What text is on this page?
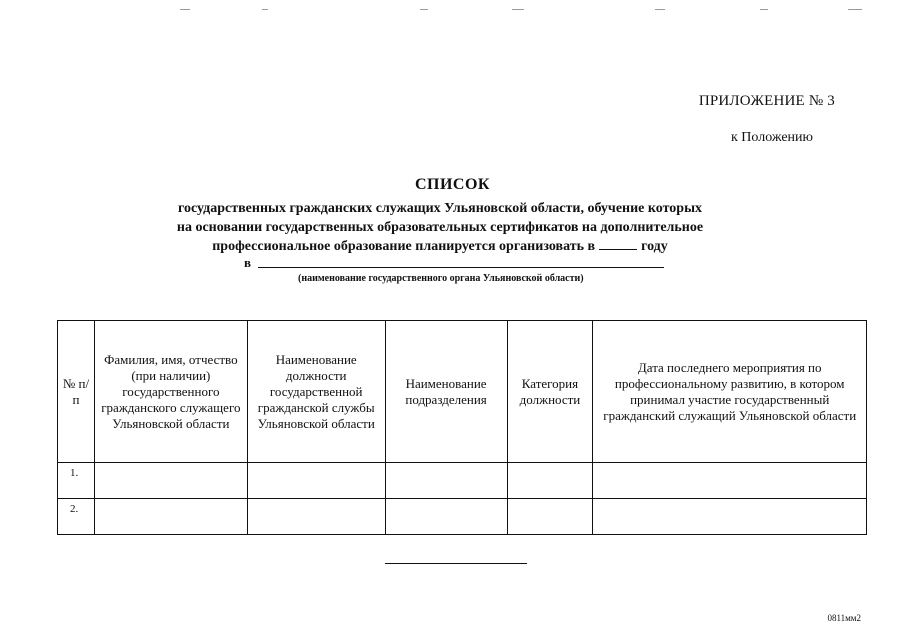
ПРИЛОЖЕНИЕ № 3
к Положению
СПИСОК
государственных гражданских служащих Ульяновской области, обучение которых
на основании государственных образовательных сертификатов на дополнительное
профессиональное образование планируется организовать в	году
в
(наименование государственного органа Ульяновской области)
№ п/п	Фамилия, имя, отчество (при наличии) государственного гражданского служащего Ульяновской области	Наименование должности государственной гражданской службы Ульяновской области	Наименование подразделения	Категория должности	Дата последнего мероприятия по профессиональному развитию, в котором принимал участие государственный гражданский служащий Ульяновской области
1.					
2.					
0811мм2
